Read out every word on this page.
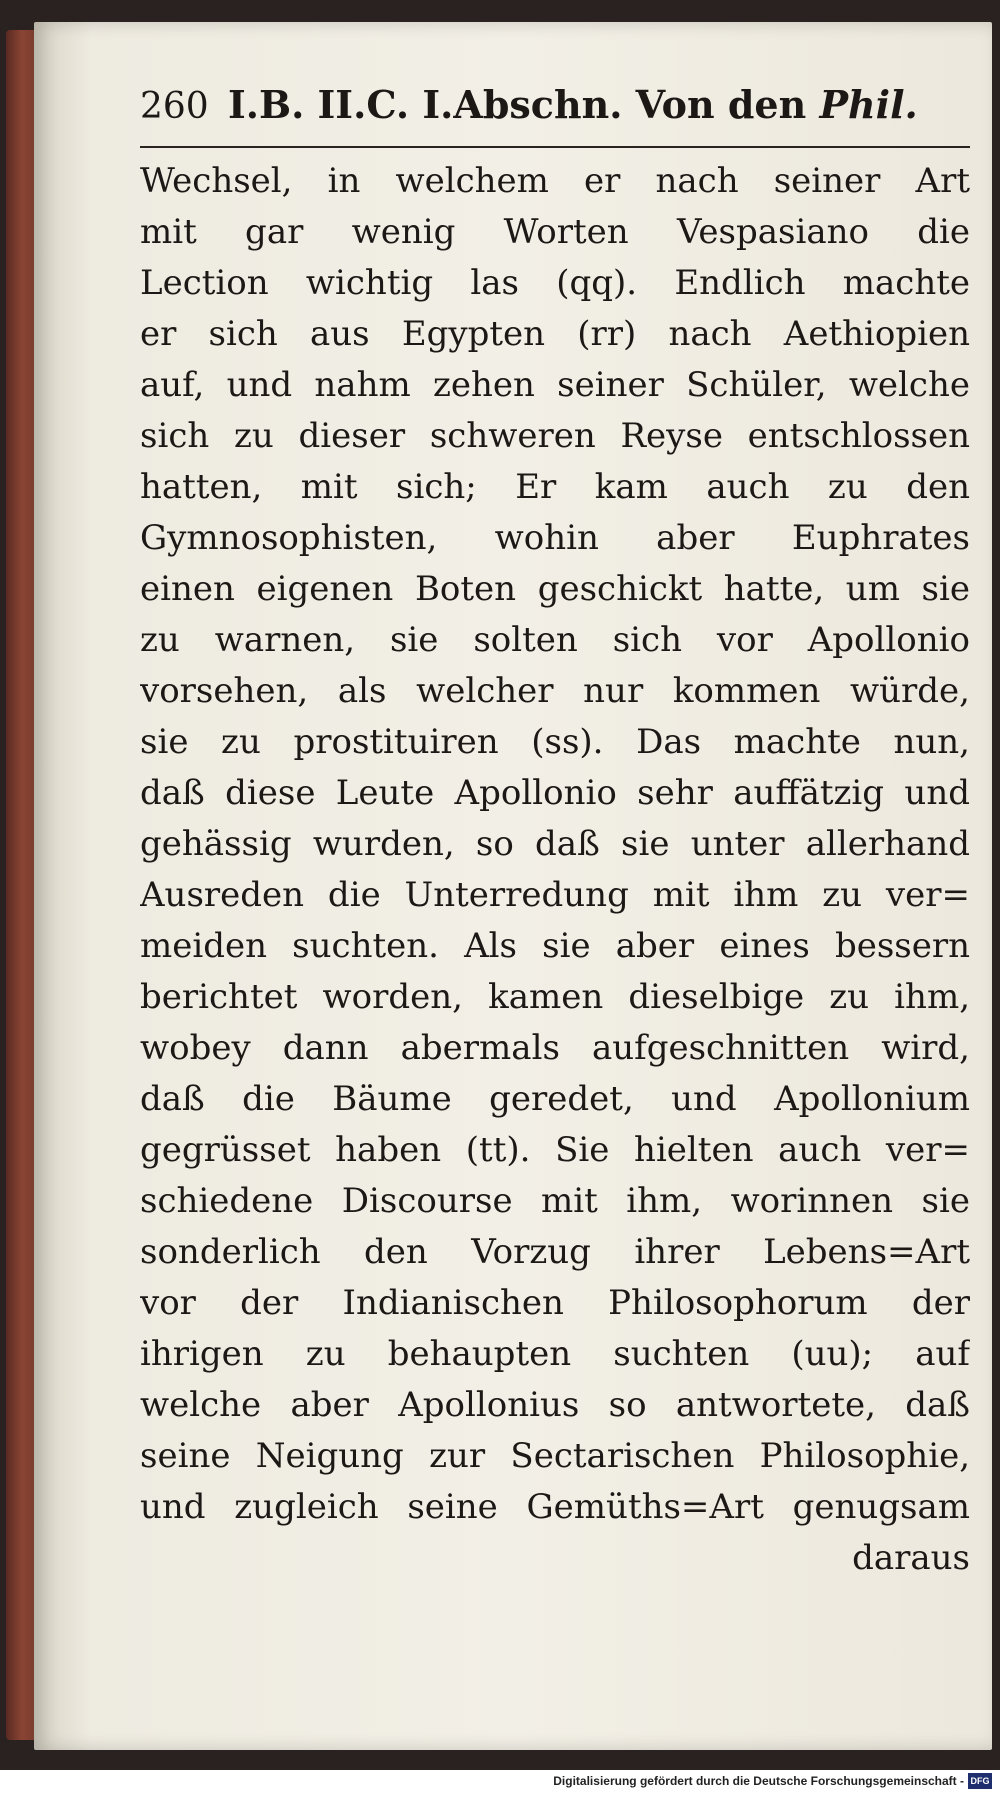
260 I.B. II.C. I.Abschn. Von den Phil.
Wechsel, in welchem er nach seiner Art
mit gar wenig Worten Vespasiano die
Lection wichtig las (qq). Endlich machte
er sich aus Egypten (rr) nach Aethiopien
auf, und nahm zehen seiner Schüler, welche
sich zu dieser schweren Reyse entschlossen
hatten, mit sich; Er kam auch zu den
Gymnosophisten, wohin aber Euphrates
einen eigenen Boten geschickt hatte, um sie
zu warnen, sie solten sich vor Apollonio
vorsehen, als welcher nur kommen würde,
sie zu prostituiren (ss). Das machte nun,
daß diese Leute Apollonio sehr auffätzig und
gehässig wurden, so daß sie unter allerhand
Ausreden die Unterredung mit ihm zu ver=
meiden suchten. Als sie aber eines bessern
berichtet worden, kamen dieselbige zu ihm,
wobey dann abermals aufgeschnitten wird,
daß die Bäume geredet, und Apollonium
gegrüsset haben (tt). Sie hielten auch ver=
schiedene Discourse mit ihm, worinnen sie
sonderlich den Vorzug ihrer Lebens=Art
vor der Indianischen Philosophorum der
ihrigen zu behaupten suchten (uu); auf
welche aber Apollonius so antwortete, daß
seine Neigung zur Sectarischen Philosophie,
und zugleich seine Gemüths=Art genugsam
daraus
Digitalisierung gefördert durch die Deutsche Forschungsgemeinschaft - DFG
